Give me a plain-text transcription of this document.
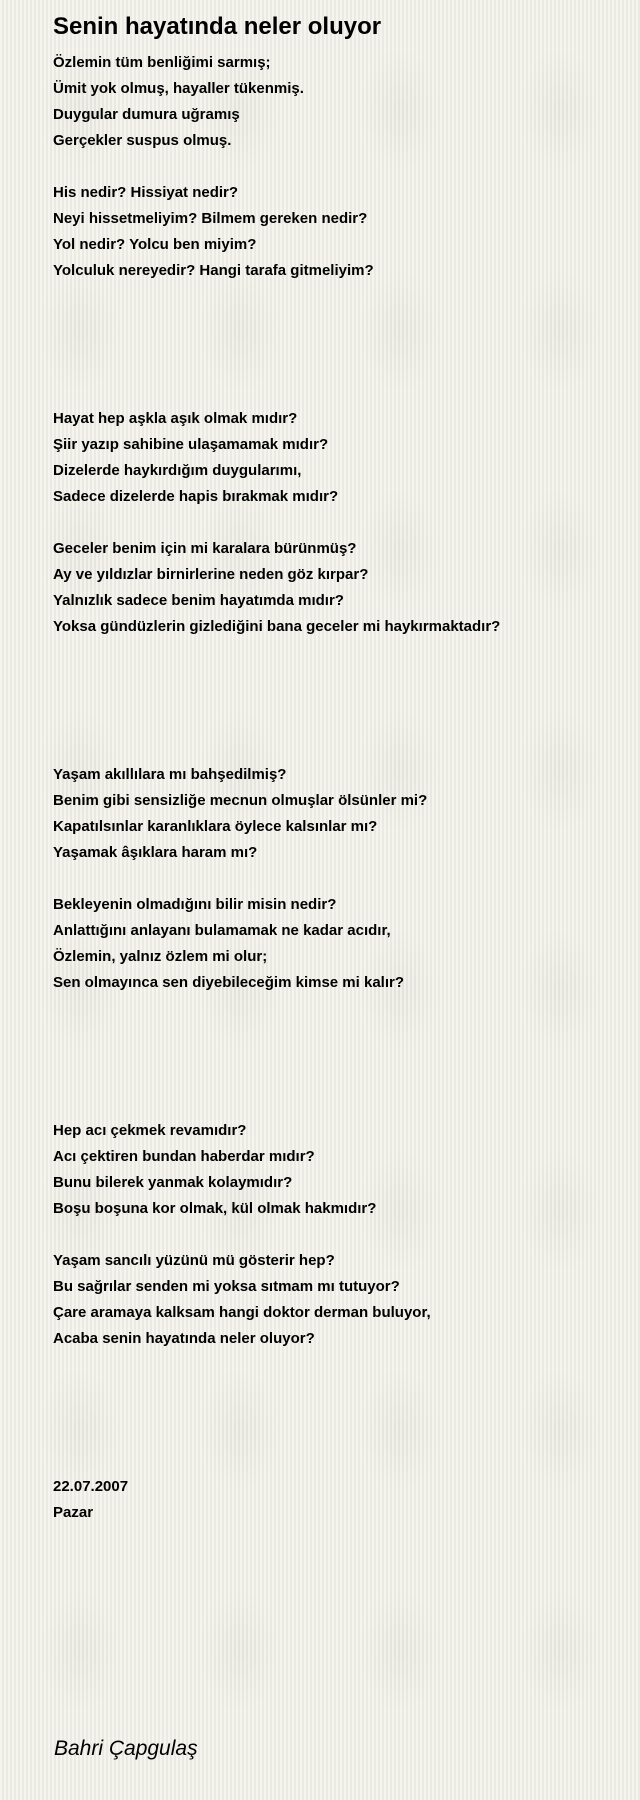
Senin hayatında neler oluyor
Özlemin tüm benliğimi sarmış;
Ümit yok olmuş, hayaller tükenmiş.
Duygular dumura uğramış
Gerçekler suspus olmuş.
His nedir? Hissiyat nedir?
Neyi hissetmeliyim? Bilmem gereken nedir?
Yol nedir? Yolcu ben miyim?
Yolculuk nereyedir? Hangi tarafa gitmeliyim?
Hayat hep aşkla aşık olmak mıdır?
Şiir yazıp sahibine ulaşamamak mıdır?
Dizelerde haykırdığım duygularımı,
Sadece dizelerde hapis bırakmak mıdır?
Geceler benim için mi karalara bürünmüş?
Ay ve yıldızlar birnirlerine neden göz kırpar?
Yalnızlık sadece benim hayatımda mıdır?
Yoksa gündüzlerin gizlediğini bana geceler mi haykırmaktadır?
Yaşam akıllılara mı bahşedilmiş?
Benim gibi sensizliğe mecnun olmuşlar ölsünler mi?
Kapatılsınlar karanlıklara öylece kalsınlar mı?
Yaşamak âşıklara haram mı?
Bekleyenin olmadığını bilir misin nedir?
Anlattığını anlayanı bulamamak ne kadar acıdır,
Özlemin, yalnız özlem mi olur;
Sen olmayınca sen diyebileceğim kimse mi kalır?
Hep acı çekmek revamıdır?
Acı çektiren bundan haberdar mıdır?
Bunu bilerek yanmak kolaymıdır?
Boşu boşuna kor olmak, kül olmak hakmıdır?
Yaşam sancılı yüzünü mü gösterir hep?
Bu sağrılar senden mi yoksa sıtmam mı tutuyor?
Çare aramaya kalksam hangi doktor derman buluyor,
Acaba senin hayatında neler oluyor?
22.07.2007
Pazar
Bahri Çapgulaş
